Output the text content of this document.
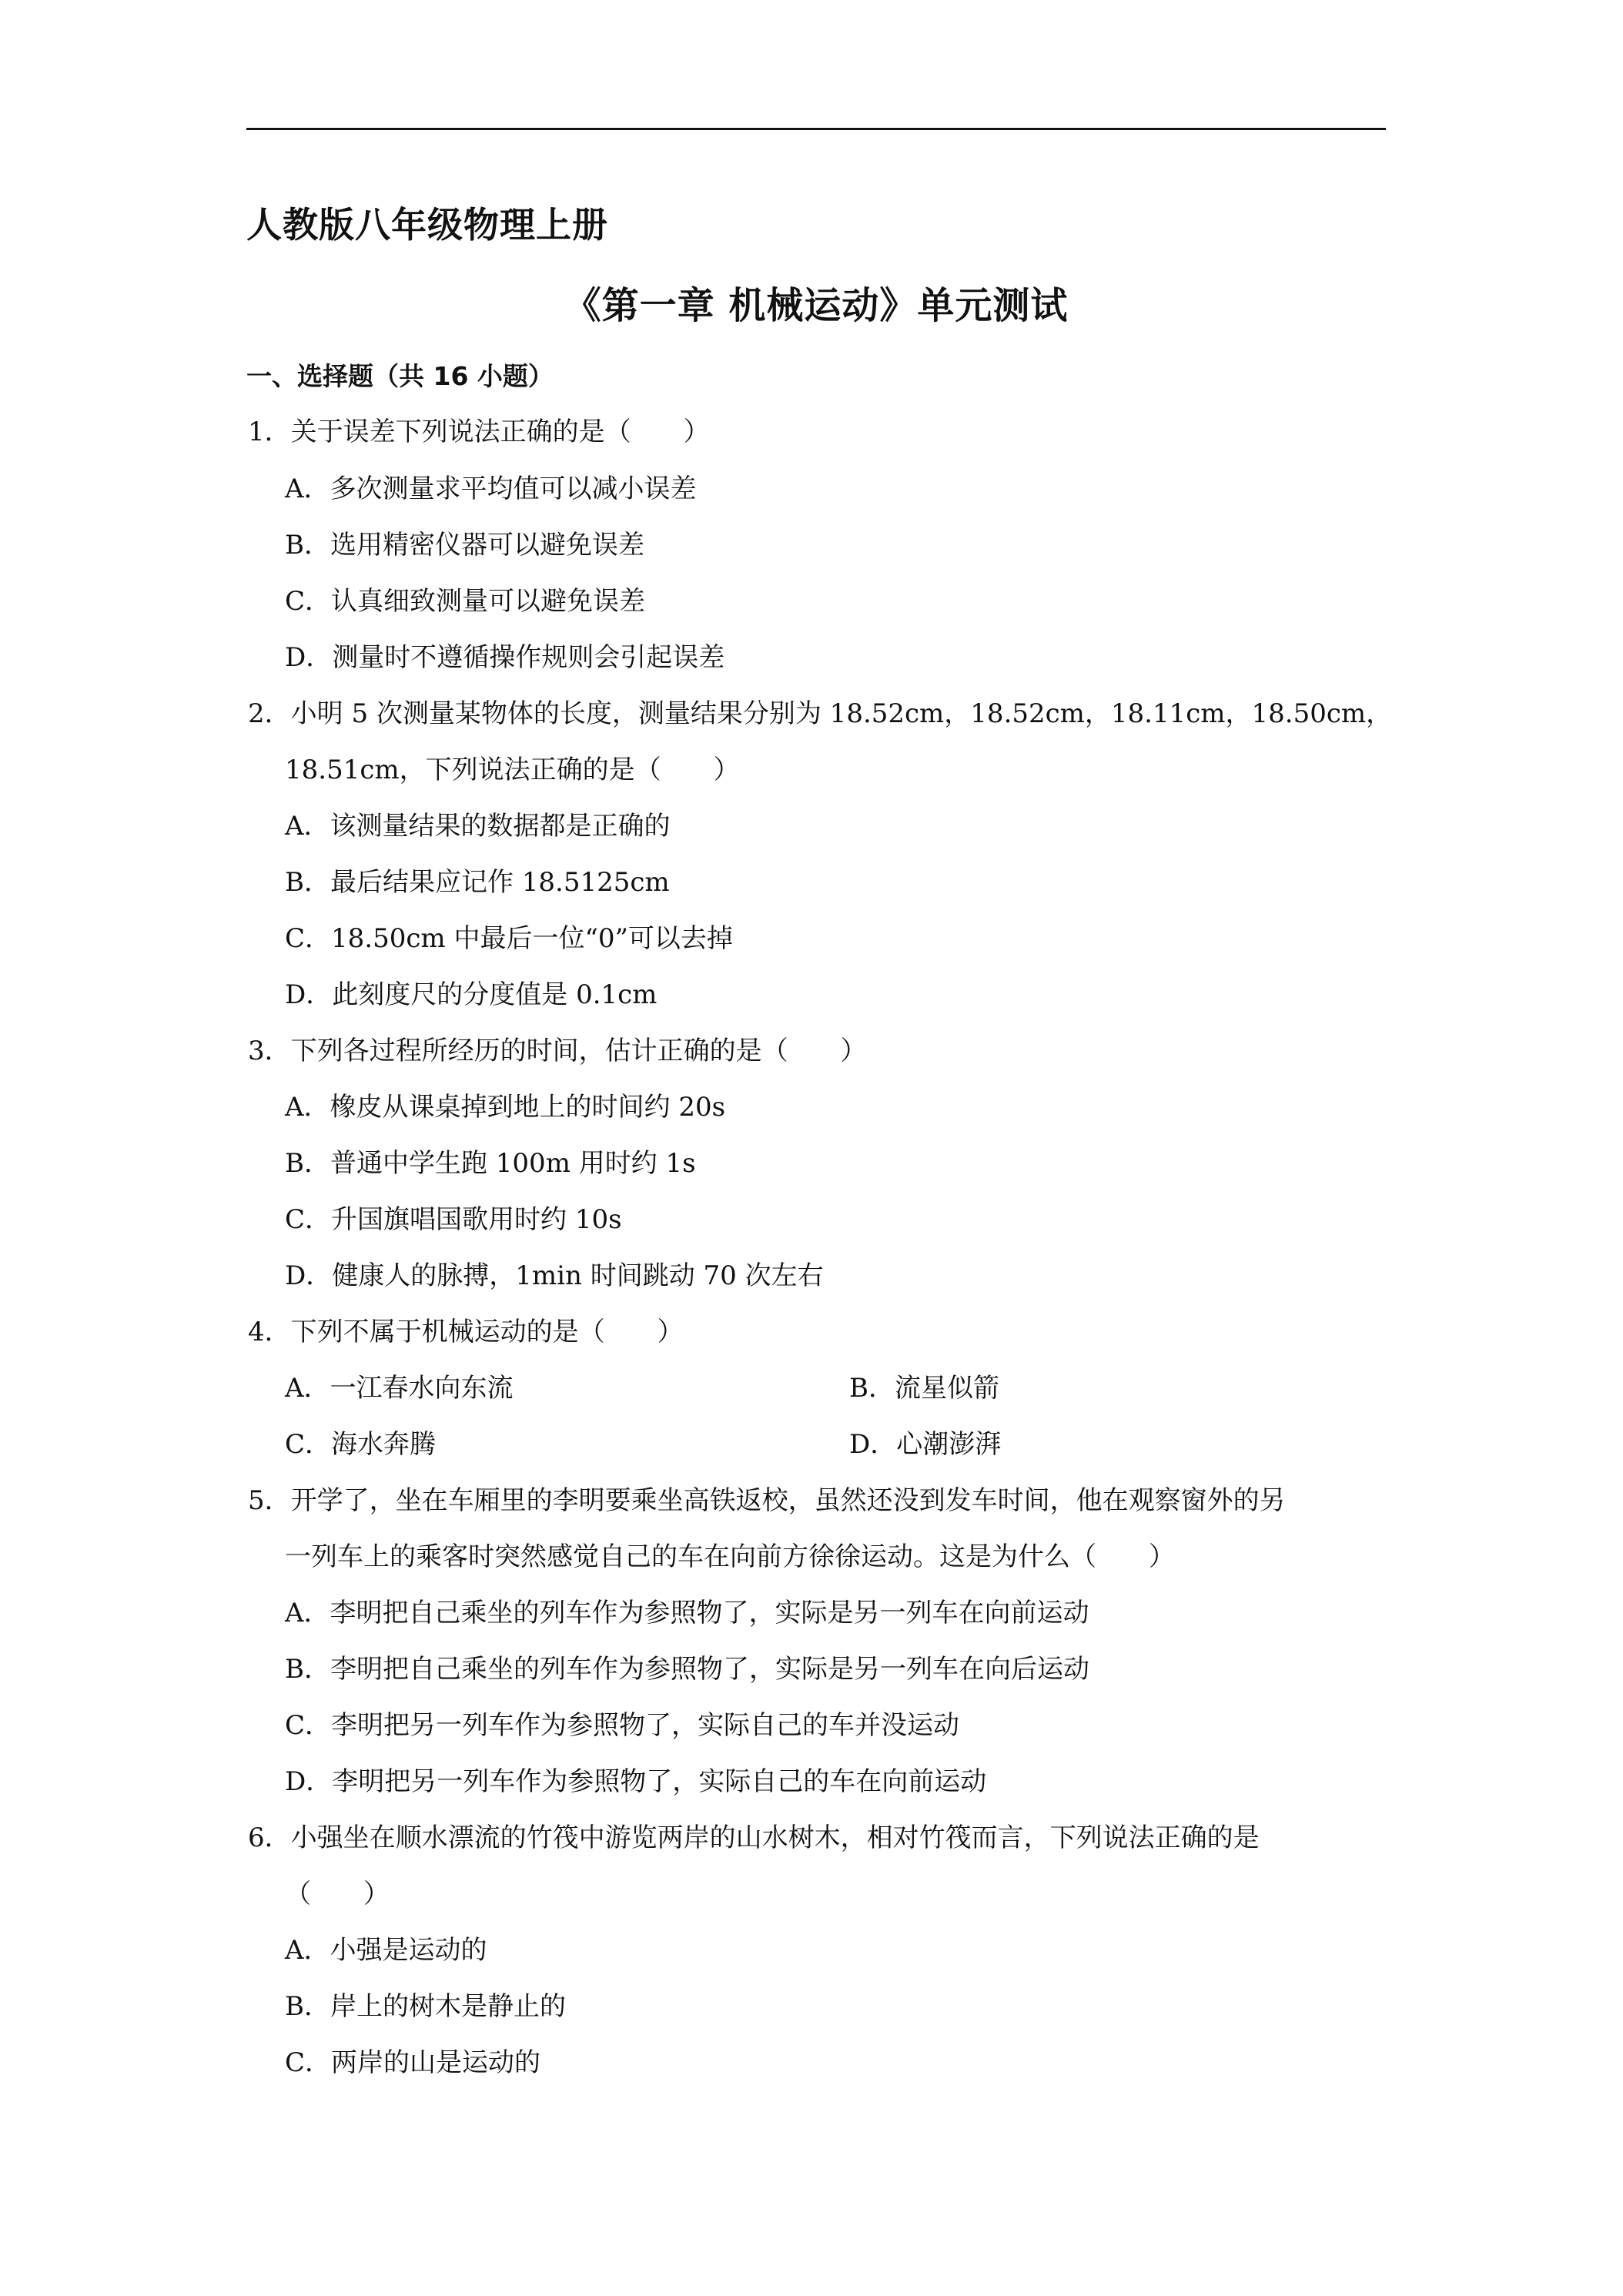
人教版八年级物理上册
《第一章 机械运动》单元测试
一、选择题（共 16 小题）
1．关于误差下列说法正确的是（　　）
A．多次测量求平均值可以减小误差
B．选用精密仪器可以避免误差
C．认真细致测量可以避免误差
D．测量时不遵循操作规则会引起误差
2．小明 5 次测量某物体的长度，测量结果分别为 18.52cm，18.52cm，18.11cm，18.50cm，
18.51cm，下列说法正确的是（　　）
A．该测量结果的数据都是正确的
B．最后结果应记作 18.5125cm
C．18.50cm 中最后一位“0”可以去掉
D．此刻度尺的分度值是 0.1cm
3．下列各过程所经历的时间，估计正确的是（　　）
A．橡皮从课桌掉到地上的时间约 20s
B．普通中学生跑 100m 用时约 1s
C．升国旗唱国歌用时约 10s
D．健康人的脉搏，1min 时间跳动 70 次左右
4．下列不属于机械运动的是（　　）
A．一江春水向东流	B．流星似箭
C．海水奔腾	D．心潮澎湃
5．开学了，坐在车厢里的李明要乘坐高铁返校，虽然还没到发车时间，他在观察窗外的另
一列车上的乘客时突然感觉自己的车在向前方徐徐运动。这是为什么（　　）
A．李明把自己乘坐的列车作为参照物了，实际是另一列车在向前运动
B．李明把自己乘坐的列车作为参照物了，实际是另一列车在向后运动
C．李明把另一列车作为参照物了，实际自己的车并没运动
D．李明把另一列车作为参照物了，实际自己的车在向前运动
6．小强坐在顺水漂流的竹筏中游览两岸的山水树木，相对竹筏而言，下列说法正确的是
（　　）
A．小强是运动的
B．岸上的树木是静止的
C．两岸的山是运动的
